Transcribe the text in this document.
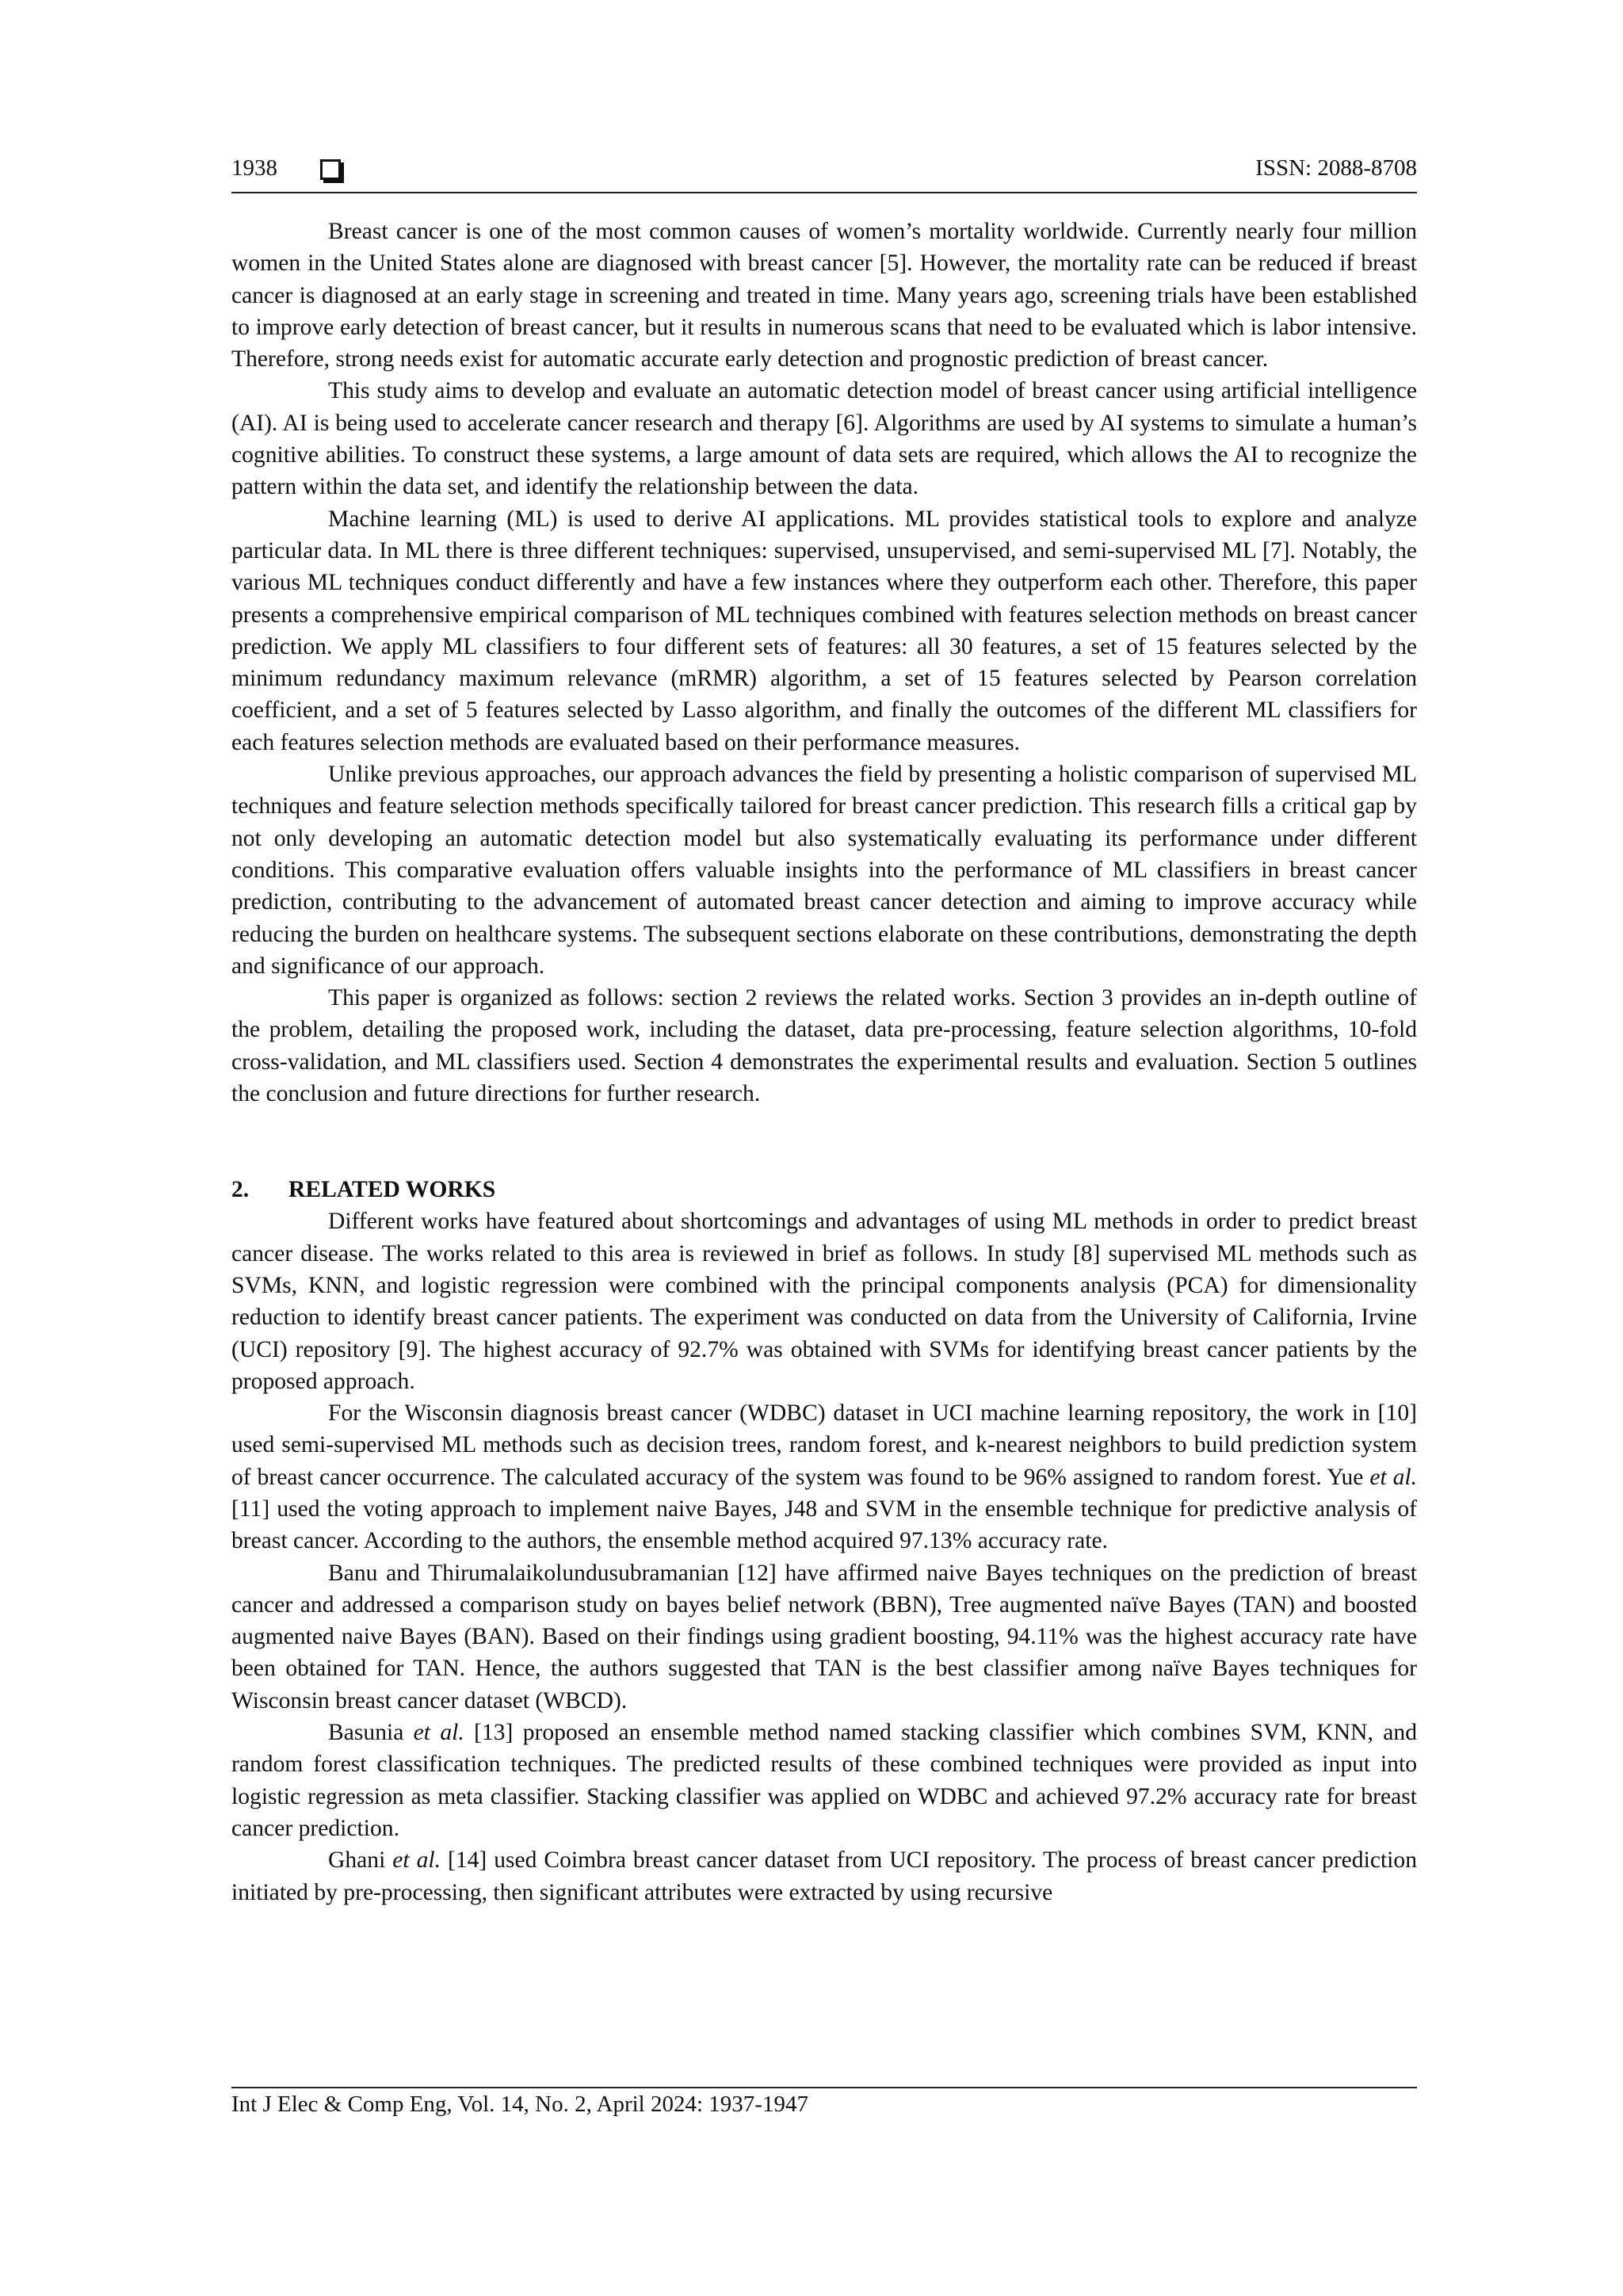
1938	ISSN: 2088-8708

Breast cancer is one of the most common causes of women’s mortality worldwide. Currently nearly four million women in the United States alone are diagnosed with breast cancer [5]. However, the mortality rate can be reduced if breast cancer is diagnosed at an early stage in screening and treated in time. Many years ago, screening trials have been established to improve early detection of breast cancer, but it results in numerous scans that need to be evaluated which is labor intensive. Therefore, strong needs exist for automatic accurate early detection and prognostic prediction of breast cancer.

This study aims to develop and evaluate an automatic detection model of breast cancer using artificial intelligence (AI). AI is being used to accelerate cancer research and therapy [6]. Algorithms are used by AI systems to simulate a human’s cognitive abilities. To construct these systems, a large amount of data sets are required, which allows the AI to recognize the pattern within the data set, and identify the relationship between the data.

Machine learning (ML) is used to derive AI applications. ML provides statistical tools to explore and analyze particular data. In ML there is three different techniques: supervised, unsupervised, and semi-supervised ML [7]. Notably, the various ML techniques conduct differently and have a few instances where they outperform each other. Therefore, this paper presents a comprehensive empirical comparison of ML techniques combined with features selection methods on breast cancer prediction. We apply ML classifiers to four different sets of features: all 30 features, a set of 15 features selected by the minimum redundancy maximum relevance (mRMR) algorithm, a set of 15 features selected by Pearson correlation coefficient, and a set of 5 features selected by Lasso algorithm, and finally the outcomes of the different ML classifiers for each features selection methods are evaluated based on their performance measures.

Unlike previous approaches, our approach advances the field by presenting a holistic comparison of supervised ML techniques and feature selection methods specifically tailored for breast cancer prediction. This research fills a critical gap by not only developing an automatic detection model but also systematically evaluating its performance under different conditions. This comparative evaluation offers valuable insights into the performance of ML classifiers in breast cancer prediction, contributing to the advancement of automated breast cancer detection and aiming to improve accuracy while reducing the burden on healthcare systems. The subsequent sections elaborate on these contributions, demonstrating the depth and significance of our approach.

This paper is organized as follows: section 2 reviews the related works. Section 3 provides an in-depth outline of the problem, detailing the proposed work, including the dataset, data pre-processing, feature selection algorithms, 10-fold cross-validation, and ML classifiers used. Section 4 demonstrates the experimental results and evaluation. Section 5 outlines the conclusion and future directions for further research.

2. RELATED WORKS

Different works have featured about shortcomings and advantages of using ML methods in order to predict breast cancer disease. The works related to this area is reviewed in brief as follows. In study [8] supervised ML methods such as SVMs, KNN, and logistic regression were combined with the principal components analysis (PCA) for dimensionality reduction to identify breast cancer patients. The experiment was conducted on data from the University of California, Irvine (UCI) repository [9]. The highest accuracy of 92.7% was obtained with SVMs for identifying breast cancer patients by the proposed approach.

For the Wisconsin diagnosis breast cancer (WDBC) dataset in UCI machine learning repository, the work in [10] used semi-supervised ML methods such as decision trees, random forest, and k-nearest neighbors to build prediction system of breast cancer occurrence. The calculated accuracy of the system was found to be 96% assigned to random forest. Yue et al. [11] used the voting approach to implement naive Bayes, J48 and SVM in the ensemble technique for predictive analysis of breast cancer. According to the authors, the ensemble method acquired 97.13% accuracy rate.

Banu and Thirumalaikolundusubramanian [12] have affirmed naive Bayes techniques on the prediction of breast cancer and addressed a comparison study on bayes belief network (BBN), Tree augmented naïve Bayes (TAN) and boosted augmented naive Bayes (BAN). Based on their findings using gradient boosting, 94.11% was the highest accuracy rate have been obtained for TAN. Hence, the authors suggested that TAN is the best classifier among naïve Bayes techniques for Wisconsin breast cancer dataset (WBCD).

Basunia et al. [13] proposed an ensemble method named stacking classifier which combines SVM, KNN, and random forest classification techniques. The predicted results of these combined techniques were provided as input into logistic regression as meta classifier. Stacking classifier was applied on WDBC and achieved 97.2% accuracy rate for breast cancer prediction.

Ghani et al. [14] used Coimbra breast cancer dataset from UCI repository. The process of breast cancer prediction initiated by pre-processing, then significant attributes were extracted by using recursive

Int J Elec & Comp Eng, Vol. 14, No. 2, April 2024: 1937-1947
